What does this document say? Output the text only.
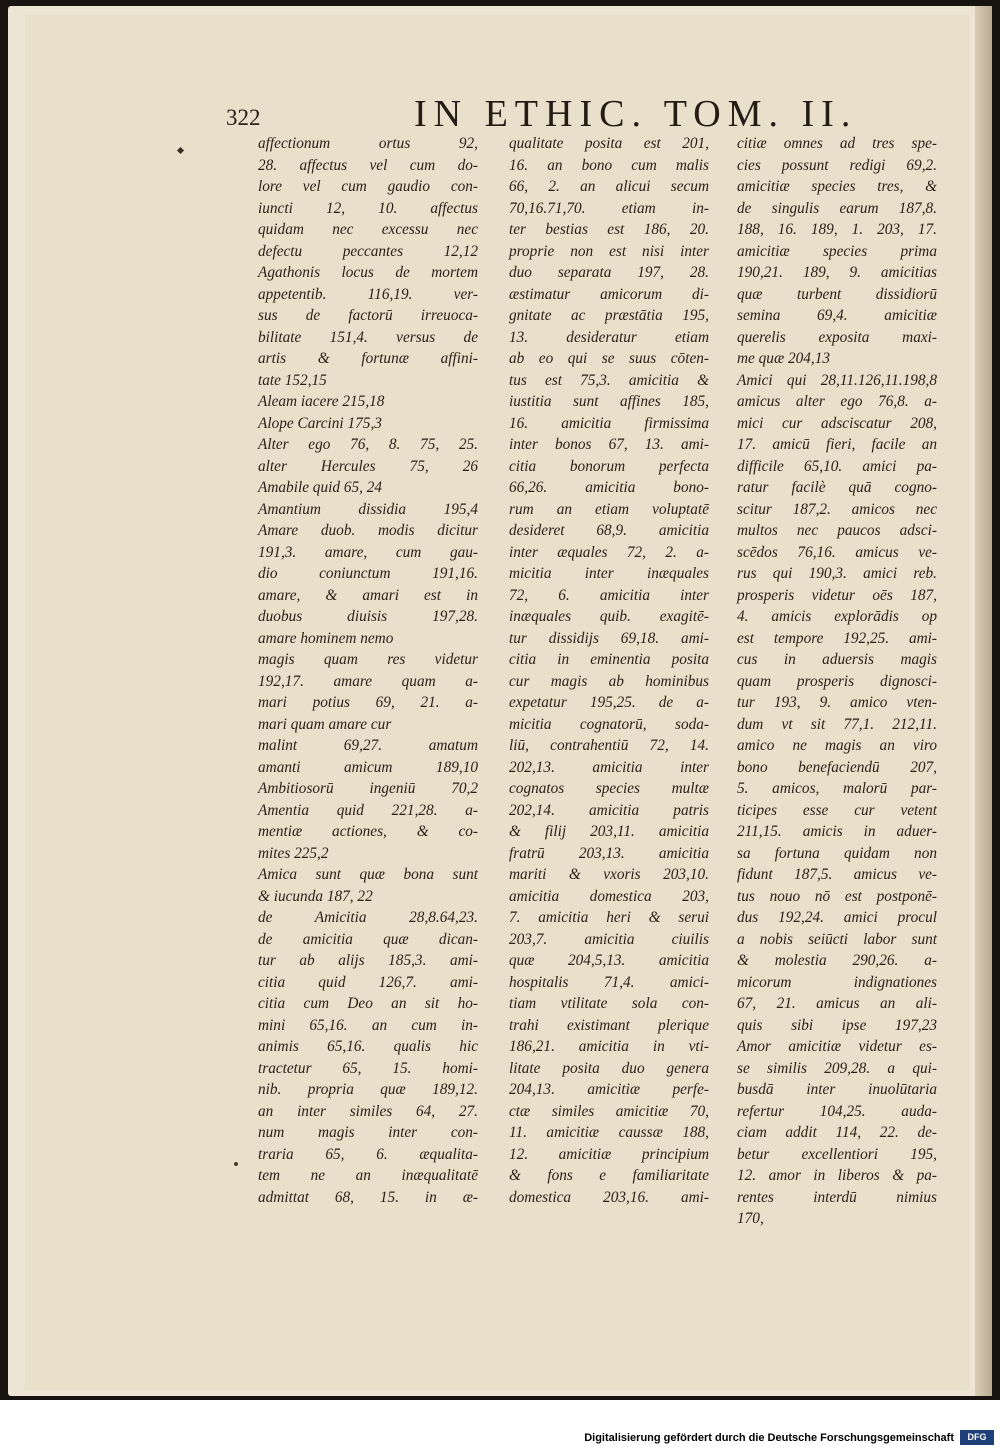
322	IN ETHIC. TOM. II.
affectionum ortus 92,
28. affectus vel cum do-
lore vel cum gaudio con-
iuncti 12, 10. affectus
quidam nec excessu nec
defectu peccantes 12,12
Agathonis locus de mortem
appetentib. 116,19. ver-
sus de factorū irreuoca-
bilitate 151,4. versus de
artis & fortunæ affini-
tate 152,15
Aleam iacere 215,18
Alope Carcini 175,3
Alter ego 76, 8. 75, 25.
alter Hercules 75, 26
Amabile quid 65, 24
Amantium dissidia 195,4
Amare duob. modis dicitur
191,3. amare, cum gau-
dio coniunctum 191,16.
amare, & amari est in
duobus diuisis 197,28.
amare hominem nemo
magis quam res videtur
192,17. amare quam a-
mari potius 69, 21. a-
mari quam amare cur
malint 69,27. amatum
amanti amicum 189,10
Ambitiosorū ingeniū 70,2
Amentia quid 221,28. a-
mentiæ actiones, & co-
mites 225,2
Amica sunt quæ bona sunt
& iucunda 187, 22
de Amicitia 28,8.64,23.
de amicitia quæ dican-
tur ab alijs 185,3. ami-
citia quid 126,7. ami-
citia cum Deo an sit ho-
mini 65,16. an cum in-
animis 65,16. qualis hic
tractetur 65, 15. homi-
nib. propria quæ 189,12.
an inter similes 64, 27.
num magis inter con-
traria 65, 6. æqualita-
tem ne an inæqualitatē
admittat 68, 15. in æ-
qualitate posita est 201,
16. an bono cum malis
66, 2. an alicui secum
70,16.71,70. etiam in-
ter bestias est 186, 20.
proprie non est nisi inter
duo separata 197, 28.
æstimatur amicorum di-
gnitate ac præstātia 195,
13. desideratur etiam
ab eo qui se suus cōten-
tus est 75,3. amicitia &
iustitia sunt affines 185,
16. amicitia firmissima
inter bonos 67, 13. ami-
citia bonorum perfecta
66,26. amicitia bono-
rum an etiam voluptatē
desideret 68,9. amicitia
inter æquales 72, 2. a-
micitia inter inæquales
72, 6. amicitia inter
inæquales quib. exagitē-
tur dissidijs 69,18. ami-
citia in eminentia posita
cur magis ab hominibus
expetatur 195,25. de a-
micitia cognatorū, soda-
liū, contrahentiū 72, 14.
202,13. amicitia inter
cognatos species multæ
202,14. amicitia patris
& filij 203,11. amicitia
fratrū 203,13. amicitia
mariti & vxoris 203,10.
amicitia domestica 203,
7. amicitia heri & serui
203,7. amicitia ciuilis
quæ 204,5,13. amicitia
hospitalis 71,4. amici-
tiam vtilitate sola con-
trahi existimant plerique
186,21. amicitia in vti-
litate posita duo genera
204,13. amicitiæ perfe-
ctæ similes amicitiæ 70,
11. amicitiæ caussæ 188,
12. amicitiæ principium
& fons e familiaritate
domestica 203,16. ami-
citiæ omnes ad tres spe-
cies possunt redigi 69,2.
amicitiæ species tres, &
de singulis earum 187,8.
188, 16. 189, 1. 203, 17.
amicitiæ species prima
190,21. 189, 9. amicitias
quæ turbent dissidiorū
semina 69,4. amicitiæ
querelis exposita maxi-
me quæ 204,13
Amici qui 28,11.126,11.198,8
amicus alter ego 76,8. a-
mici cur adsciscatur 208,
17. amicū fieri, facile an
difficile 65,10. amici pa-
ratur facilè quā cogno-
scitur 187,2. amicos nec
multos nec paucos adsci-
scēdos 76,16. amicus ve-
rus qui 190,3. amici reb.
prosperis videtur oēs 187,
4. amicis explorādis op
est tempore 192,25. ami-
cus in aduersis magis
quam prosperis dignosci-
tur 193, 9. amico vten-
dum vt sit 77,1. 212,11.
amico ne magis an viro
bono benefaciendū 207,
5. amicos, malorū par-
ticipes esse cur vetent
211,15. amicis in aduer-
sa fortuna quidam non
fidunt 187,5. amicus ve-
tus nouo nō est postponē-
dus 192,24. amici procul
a nobis seiūcti labor sunt
& molestia 290,26. a-
micorum indignationes
67, 21. amicus an ali-
quis sibi ipse 197,23
Amor amicitiæ videtur es-
se similis 209,28. a qui-
busdā inter inuolūtaria
refertur 104,25. auda-
ciam addit 114, 22. de-
betur excellentiori 195,
12. amor in liberos & pa-
rentes interdū nimius
170,
Digitalisierung gefördert durch die Deutsche Forschungsgemeinschaft	DFG
